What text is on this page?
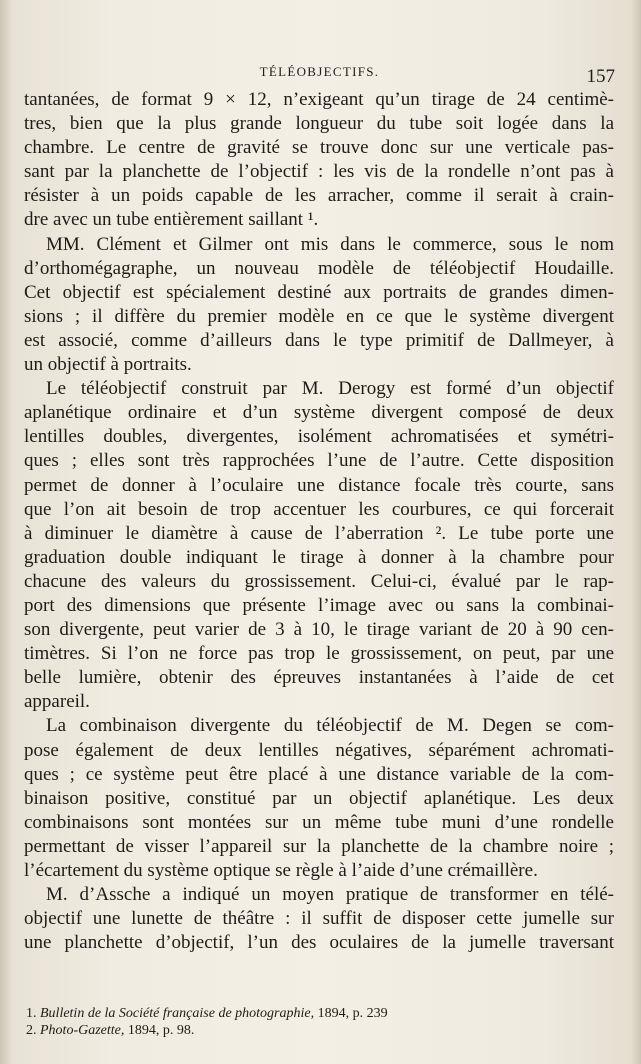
TÉLÉOBJECTIFS.	157
tantanées, de format 9 × 12, n’exigeant qu’un tirage de 24 centimè-
tres, bien que la plus grande longueur du tube soit logée dans la
chambre. Le centre de gravité se trouve donc sur une verticale pas-
sant par la planchette de l’objectif : les vis de la rondelle n’ont pas à
résister à un poids capable de les arracher, comme il serait à crain-
dre avec un tube entièrement saillant ¹.
MM. Clément et Gilmer ont mis dans le commerce, sous le nom
d’orthomégagraphe, un nouveau modèle de téléobjectif Houdaille.
Cet objectif est spécialement destiné aux portraits de grandes dimen-
sions ; il diffère du premier modèle en ce que le système divergent
est associé, comme d’ailleurs dans le type primitif de Dallmeyer, à
un objectif à portraits.
Le téléobjectif construit par M. Derogy est formé d’un objectif
aplanétique ordinaire et d’un système divergent composé de deux
lentilles doubles, divergentes, isolément achromatisées et symétri-
ques ; elles sont très rapprochées l’une de l’autre. Cette disposition
permet de donner à l’oculaire une distance focale très courte, sans
que l’on ait besoin de trop accentuer les courbures, ce qui forcerait
à diminuer le diamètre à cause de l’aberration ². Le tube porte une
graduation double indiquant le tirage à donner à la chambre pour
chacune des valeurs du grossissement. Celui-ci, évalué par le rap-
port des dimensions que présente l’image avec ou sans la combinai-
son divergente, peut varier de 3 à 10, le tirage variant de 20 à 90 cen-
timètres. Si l’on ne force pas trop le grossissement, on peut, par une
belle lumière, obtenir des épreuves instantanées à l’aide de cet
appareil.
La combinaison divergente du téléobjectif de M. Degen se com-
pose également de deux lentilles négatives, séparément achromati-
ques ; ce système peut être placé à une distance variable de la com-
binaison positive, constitué par un objectif aplanétique. Les deux
combinaisons sont montées sur un même tube muni d’une rondelle
permettant de visser l’appareil sur la planchette de la chambre noire ;
l’écartement du système optique se règle à l’aide d’une crémaillère.
M. d’Assche a indiqué un moyen pratique de transformer en télé-
objectif une lunette de théâtre : il suffit de disposer cette jumelle sur
une planchette d’objectif, l’un des oculaires de la jumelle traversant
1. Bulletin de la Société française de photographie, 1894, p. 239
2. Photo-Gazette, 1894, p. 98.
